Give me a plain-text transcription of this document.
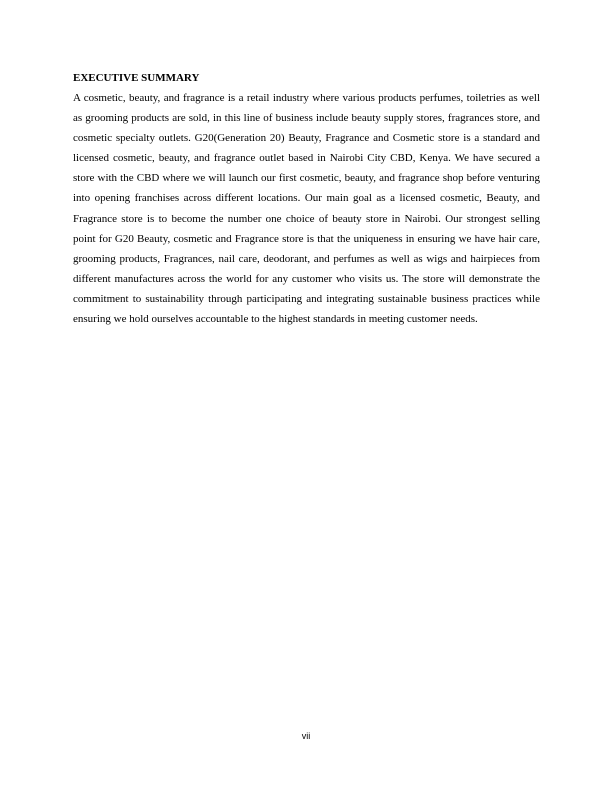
EXECUTIVE SUMMARY

A cosmetic, beauty, and fragrance is a retail industry where various products perfumes, toiletries as well as grooming products are sold, in this line of business include beauty supply stores, fragrances store, and cosmetic specialty outlets. G20(Generation 20) Beauty, Fragrance and Cosmetic store is a standard and licensed cosmetic, beauty, and fragrance outlet based in Nairobi City CBD, Kenya. We have secured a store with the CBD where we will launch our first cosmetic, beauty, and fragrance shop before venturing into opening franchises across different locations. Our main goal as a licensed cosmetic, Beauty, and Fragrance store is to become the number one choice of beauty store in Nairobi. Our strongest selling point for G20 Beauty, cosmetic and Fragrance store is that the uniqueness in ensuring we have hair care, grooming products, Fragrances, nail care, deodorant, and perfumes as well as wigs and hairpieces from different manufactures across the world for any customer who visits us. The store will demonstrate the commitment to sustainability through participating and integrating sustainable business practices while ensuring we hold ourselves accountable to the highest standards in meeting customer needs.

vii
